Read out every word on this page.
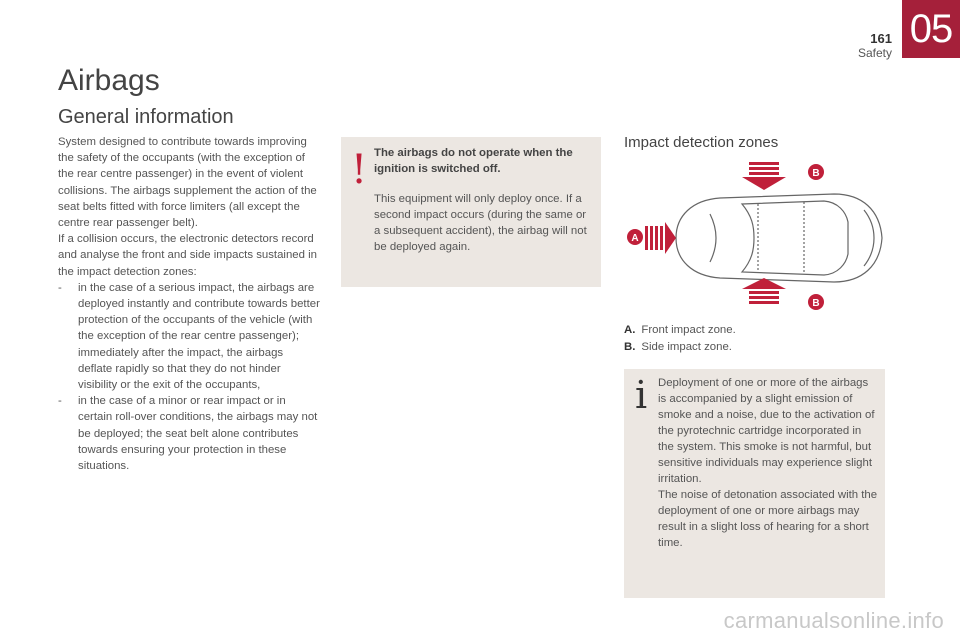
161
Safety
05
Airbags
General information

System designed to contribute towards improving the safety of the occupants (with the exception of the rear centre passenger) in the event of violent collisions. The airbags supplement the action of the seat belts fitted with force limiters (all except the centre rear passenger belt).

If a collision occurs, the electronic detectors record and analyse the front and side impacts sustained in the impact detection zones:

-	in the case of a serious impact, the airbags are deployed instantly and contribute towards better protection of the occupants of the vehicle (with the exception of the rear centre passenger); immediately after the impact, the airbags deflate rapidly so that they do not hinder visibility or the exit of the occupants,
-	in the case of a minor or rear impact or in certain roll-over conditions, the airbags may not be deployed; the seat belt alone contributes towards ensuring your protection in these situations.
! The airbags do not operate when the ignition is switched off.

This equipment will only deploy once. If a second impact occurs (during the same or a subsequent accident), the airbag will not be deployed again.

Impact detection zones
A
B
B
A. Front impact zone.
B. Side impact zone.
i Deployment of one or more of the airbags is accompanied by a slight emission of smoke and a noise, due to the activation of the pyrotechnic cartridge incorporated in the system. This smoke is not harmful, but sensitive individuals may experience slight irritation.

The noise of detonation associated with the deployment of one or more airbags may result in a slight loss of hearing for a short time.

carmanualsonline.info
